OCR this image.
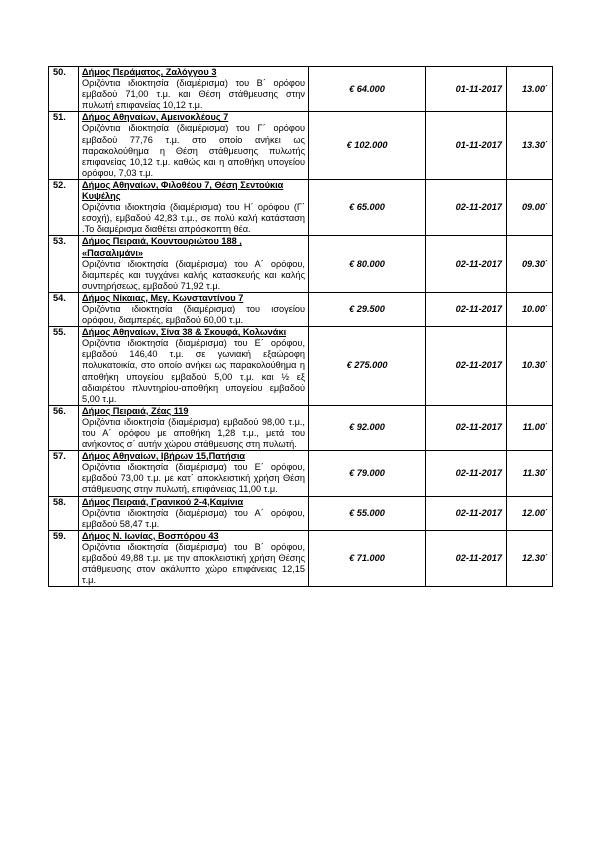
50.	Δήμος Περάματος, Ζαλόγγου 3
Οριζόντια ιδιοκτησία (διαμέρισμα) του Β΄ ορόφου εμβαδού 71,00 τ.μ. και Θέση στάθμευσης στην πυλωτή επιφανείας 10,12 τ.μ.	€ 64.000	01-11-2017	13.00΄
51.	Δήμος Αθηναίων, Αμεινοκλέους 7
Οριζόντια ιδιοκτησία (διαμέρισμα) του Γ΄ ορόφου εμβαδού 77,76 τ.μ. στο οποίο ανήκει ως παρακολούθημα η Θέση στάθμευσης πυλωτής επιφανείας 10,12 τ.μ. καθώς και η αποθήκη υπογείου ορόφου, 7,03 τ.μ.	€ 102.000	01-11-2017	13.30΄
52.	Δήμος Αθηναίων, Φιλοθέου 7, Θέση Σεντούκια Κυψέλης
Οριζόντια ιδιοκτησία (διαμέρισμα) του Η΄ ορόφου (Γ΄ εσοχή), εμβαδού 42,83 τ.μ., σε πολύ καλή κατάσταση .Το διαμέρισμα διαθέτει απρόσκοπτη θέα.	€ 65.000	02-11-2017	09.00΄
53.	Δήμος Πειραιά, Κουντουριώτου 188 , «Πασαλιμάνι»
Οριζόντια ιδιοκτησία (διαμέρισμα) του Α΄ ορόφου, διαμπερές και τυγχάνει καλής κατασκευής και καλής συντηρήσεως, εμβαδού 71,92 τ.μ.	€ 80.000	02-11-2017	09.30΄
54.	Δήμος Νίκαιας, Μεγ. Κωνσταντίνου 7
Οριζόντια ιδιοκτησία (διαμέρισμα) του ισογείου ορόφου, διαμπερές, εμβαδού 60,00 τ.μ.	€ 29.500	02-11-2017	10.00΄
55.	Δήμος Αθηναίων, Σίνα 38 & Σκουφά, Κολωνάκι
Οριζόντια ιδιοκτησία (διαμέρισμα) του Ε΄ ορόφου, εμβαδού 146,40 τ.μ. σε γωνιακή εξαώροφη πολυκατοικία, στο οποίο ανήκει ως παρακολούθημα η αποθήκη υπογείου εμβαδού 5,00 τ.μ. και ½ εξ αδιαιρέτου πλυντηρίου-αποθήκη υπογείου εμβαδού 5,00 τ.μ.	€ 275.000	02-11-2017	10.30΄
56.	Δήμος Πειραιά, Ζέας 119
Οριζόντια ιδιοκτησία (διαμέρισμα) εμβαδού 98,00 τ.μ., του Α΄ ορόφου με αποθήκη 1,28 τ.μ., μετά του ανήκοντος σ΄ αυτήν χώρου στάθμευσης στη πυλωτή.	€ 92.000	02-11-2017	11.00΄
57.	Δήμος Αθηναίων, Ιβήρων 15,Πατήσια
Οριζόντια ιδιοκτησία (διαμέρισμα) του Ε΄ ορόφου, εμβαδού 73,00 τ.μ. με κατ΄ αποκλειστική χρήση Θέση στάθμευσης στην πυλωτή, επιφάνειας 11,00 τ.μ.	€ 79.000	02-11-2017	11.30΄
58.	Δήμος Πειραιά, Γρανικού 2-4,Καμίνια
Οριζόντια ιδιοκτησία (διαμέρισμα) του Α΄ ορόφου, εμβαδού 58,47 τ.μ.	€ 55.000	02-11-2017	12.00΄
59.	Δήμος Ν. Ιωνίας, Βοσπόρου 43
Οριζόντια ιδιοκτησία (διαμέρισμα) του Β΄ ορόφου, εμβαδού 49,88 τ.μ. με την αποκλειστική χρήση Θέσης στάθμευσης στον ακάλυπτο χώρο επιφάνειας 12,15 τ.μ.	€ 71.000	02-11-2017	12.30΄
